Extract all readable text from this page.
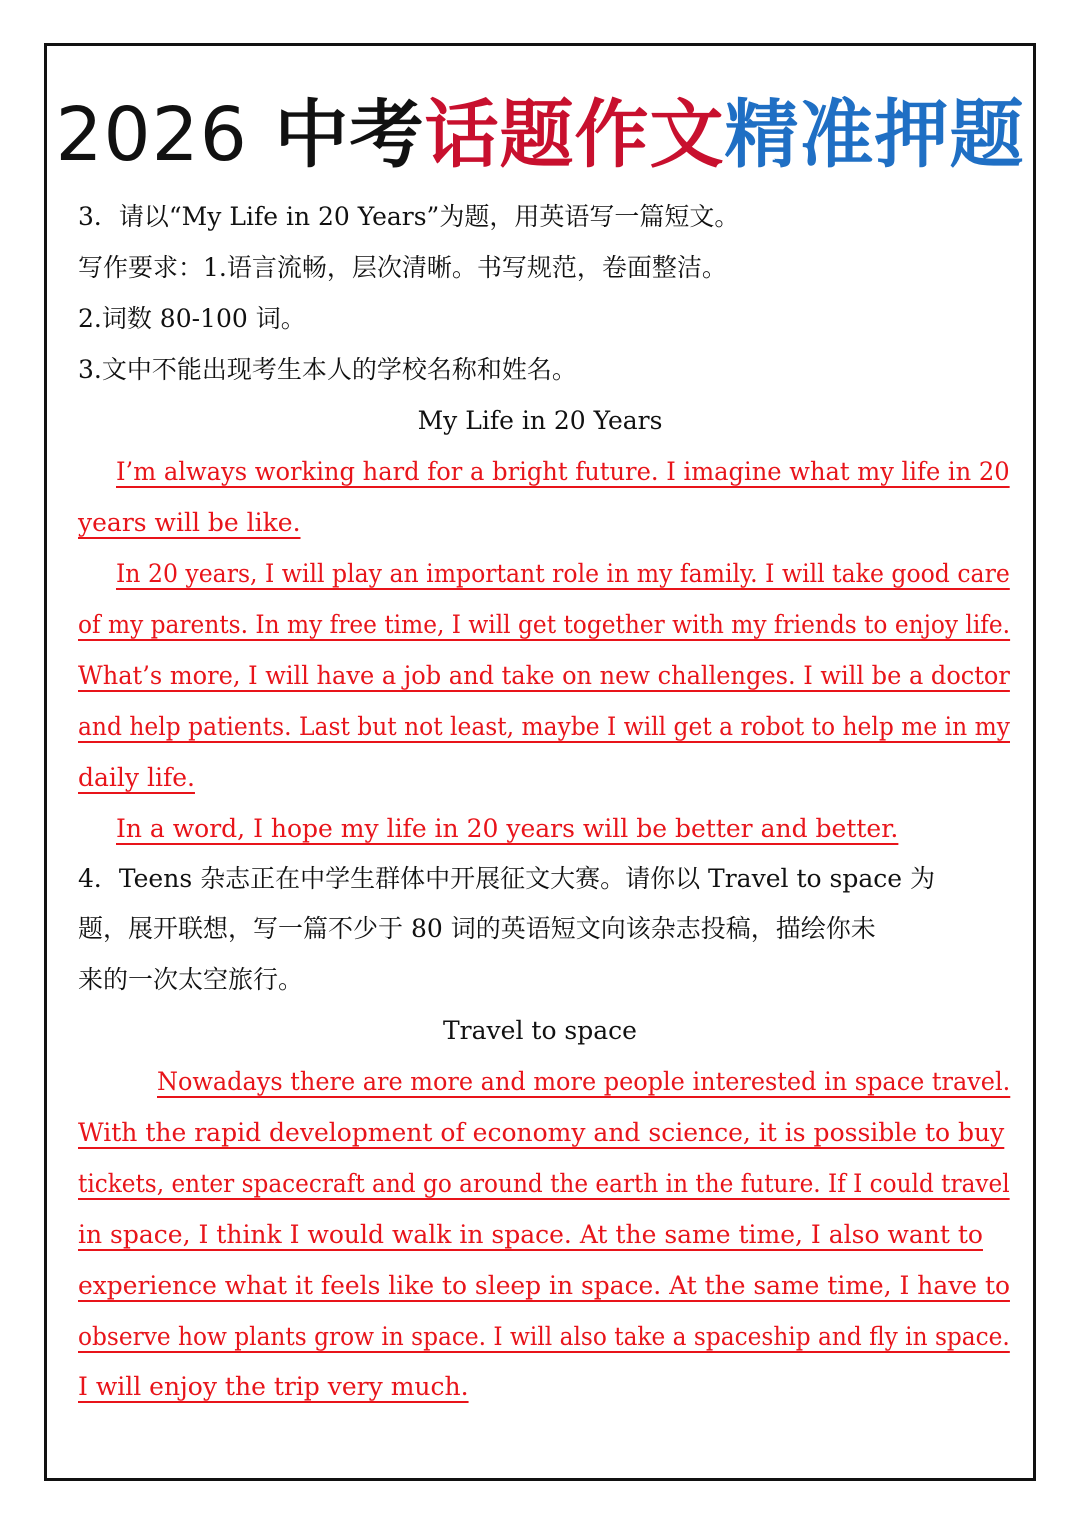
2026 中考话题作文精准押题
3．请以“My Life in 20 Years”为题，用英语写一篇短文。
写作要求：1.语言流畅，层次清晰。书写规范，卷面整洁。
2.词数 80-100 词。
3.文中不能出现考生本人的学校名称和姓名。
My Life in 20 Years
I’m always working hard for a bright future. I imagine what my life in 20
years will be like.
In 20 years, I will play an important role in my family. I will take good care
of my parents. In my free time, I will get together with my friends to enjoy life.
What’s more, I will have a job and take on new challenges. I will be a doctor
and help patients. Last but not least, maybe I will get a robot to help me in my
daily life.
In a word, I hope my life in 20 years will be better and better.
4．Teens 杂志正在中学生群体中开展征文大赛。请你以 Travel to space 为
题，展开联想，写一篇不少于 80 词的英语短文向该杂志投稿，描绘你未
来的一次太空旅行。
Travel to space
Nowadays there are more and more people interested in space travel.
With the rapid development of economy and science, it is possible to buy
tickets, enter spacecraft and go around the earth in the future. If I could travel
in space, I think I would walk in space. At the same time, I also want to
experience what it feels like to sleep in space. At the same time, I have to
observe how plants grow in space. I will also take a spaceship and fly in space.
I will enjoy the trip very much.
